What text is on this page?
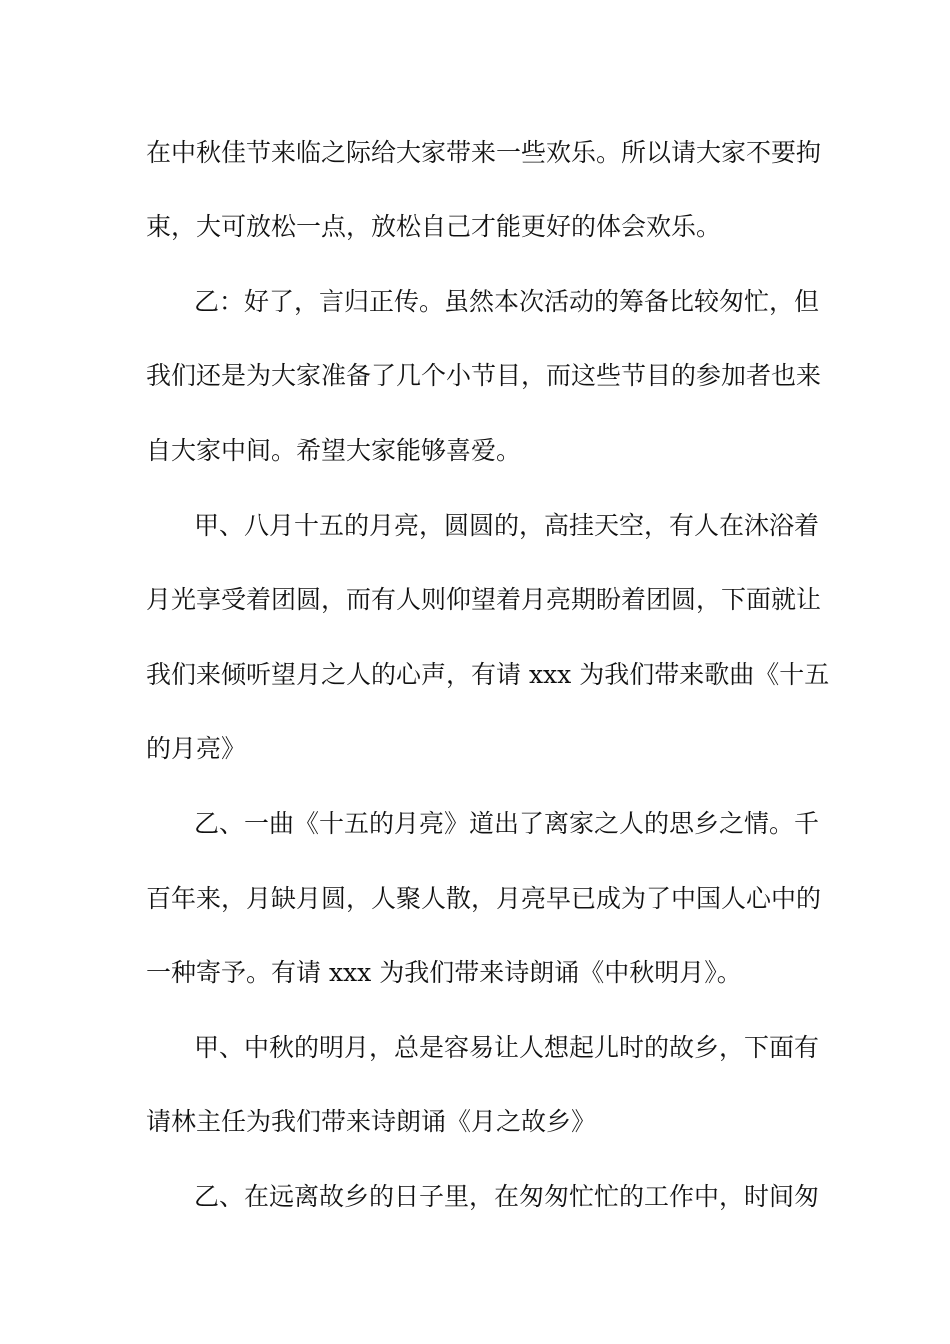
在中秋佳节来临之际给大家带来一些欢乐。所以请大家不要拘
束，大可放松一点，放松自己才能更好的体会欢乐。
乙：好了，言归正传。虽然本次活动的筹备比较匆忙，但
我们还是为大家准备了几个小节目，而这些节目的参加者也来
自大家中间。希望大家能够喜爱。
甲、八月十五的月亮，圆圆的，高挂天空，有人在沐浴着
月光享受着团圆，而有人则仰望着月亮期盼着团圆，下面就让
我们来倾听望月之人的心声，有请 xxx 为我们带来歌曲《十五
的月亮》
乙、一曲《十五的月亮》道出了离家之人的思乡之情。千
百年来，月缺月圆，人聚人散，月亮早已成为了中国人心中的
一种寄予。有请 xxx 为我们带来诗朗诵《中秋明月》。
甲、中秋的明月，总是容易让人想起儿时的故乡，下面有
请林主任为我们带来诗朗诵《月之故乡》
乙、在远离故乡的日子里，在匆匆忙忙的工作中，时间匆
